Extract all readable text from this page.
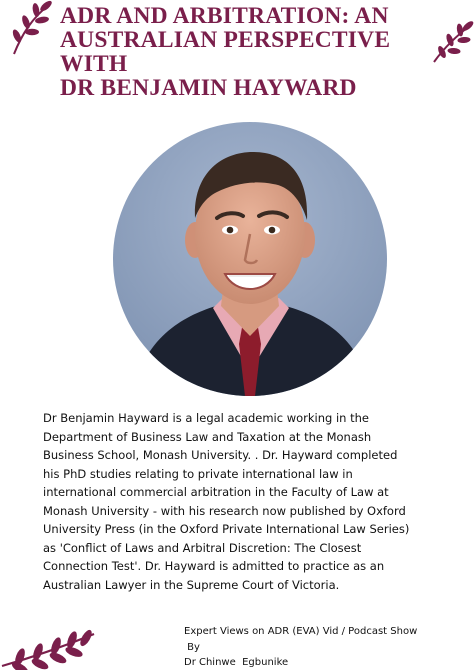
ADR AND ARBITRATION: AN
AUSTRALIAN PERSPECTIVE
WITH
DR BENJAMIN HAYWARD

Dr Benjamin Hayward is a legal academic working in the
Department of Business Law and Taxation at the Monash
Business School, Monash University. . Dr. Hayward completed
his PhD studies relating to private international law in
international commercial arbitration in the Faculty of Law at
Monash University - with his research now published by Oxford
University Press (in the Oxford Private International Law Series)
as 'Conflict of Laws and Arbitral Discretion: The Closest
Connection Test'. Dr. Hayward is admitted to practice as an
Australian Lawyer in the Supreme Court of Victoria.

Expert Views on ADR (EVA) Vid / Podcast Show
By
Dr Chinwe  Egbunike
